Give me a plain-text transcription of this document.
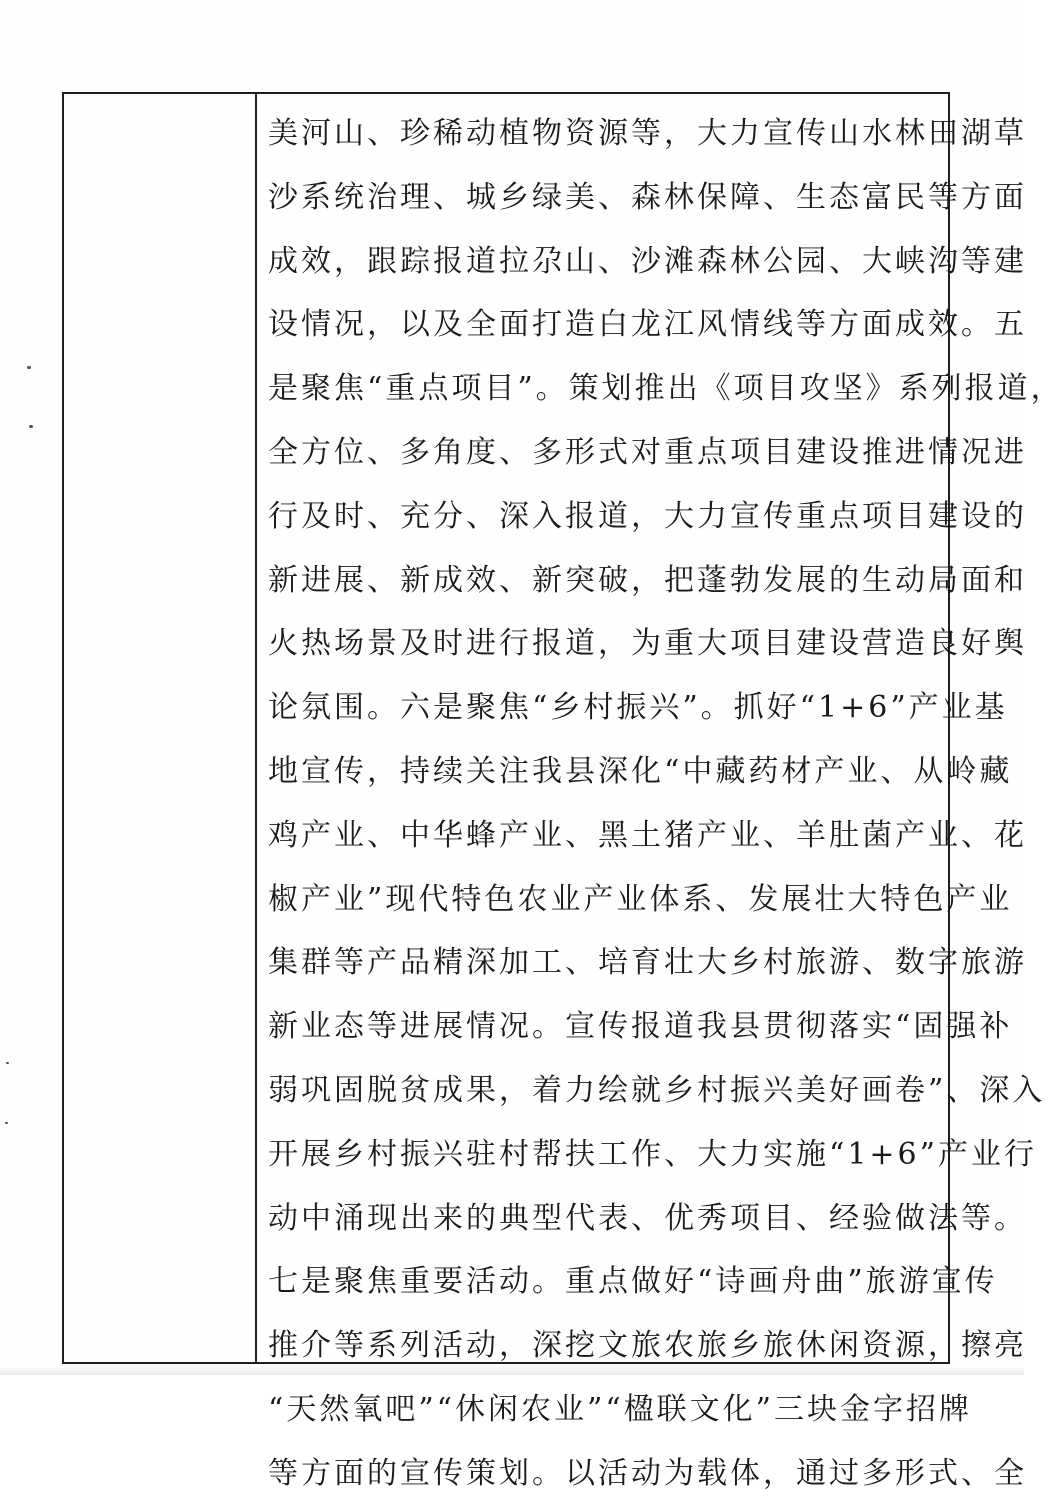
美河山、珍稀动植物资源等，大力宣传山水林田湖草
沙系统治理、城乡绿美、森林保障、生态富民等方面
成效，跟踪报道拉尕山、沙滩森林公园、大峡沟等建
设情况，以及全面打造白龙江风情线等方面成效。五
是聚焦“重点项目”。策划推出《项目攻坚》系列报道，
全方位、多角度、多形式对重点项目建设推进情况进
行及时、充分、深入报道，大力宣传重点项目建设的
新进展、新成效、新突破，把蓬勃发展的生动局面和
火热场景及时进行报道，为重大项目建设营造良好舆
论氛围。六是聚焦“乡村振兴”。抓好“1+6”产业基
地宣传，持续关注我县深化“中藏药材产业、从岭藏
鸡产业、中华蜂产业、黑土猪产业、羊肚菌产业、花
椒产业”现代特色农业产业体系、发展壮大特色产业
集群等产品精深加工、培育壮大乡村旅游、数字旅游
新业态等进展情况。宣传报道我县贯彻落实“固强补
弱巩固脱贫成果，着力绘就乡村振兴美好画卷”、深入
开展乡村振兴驻村帮扶工作、大力实施“1+6”产业行
动中涌现出来的典型代表、优秀项目、经验做法等。
七是聚焦重要活动。重点做好“诗画舟曲”旅游宣传
推介等系列活动，深挖文旅农旅乡旅休闲资源，擦亮
“天然氧吧”“休闲农业”“楹联文化”三块金字招牌
等方面的宣传策划。以活动为载体，通过多形式、全
